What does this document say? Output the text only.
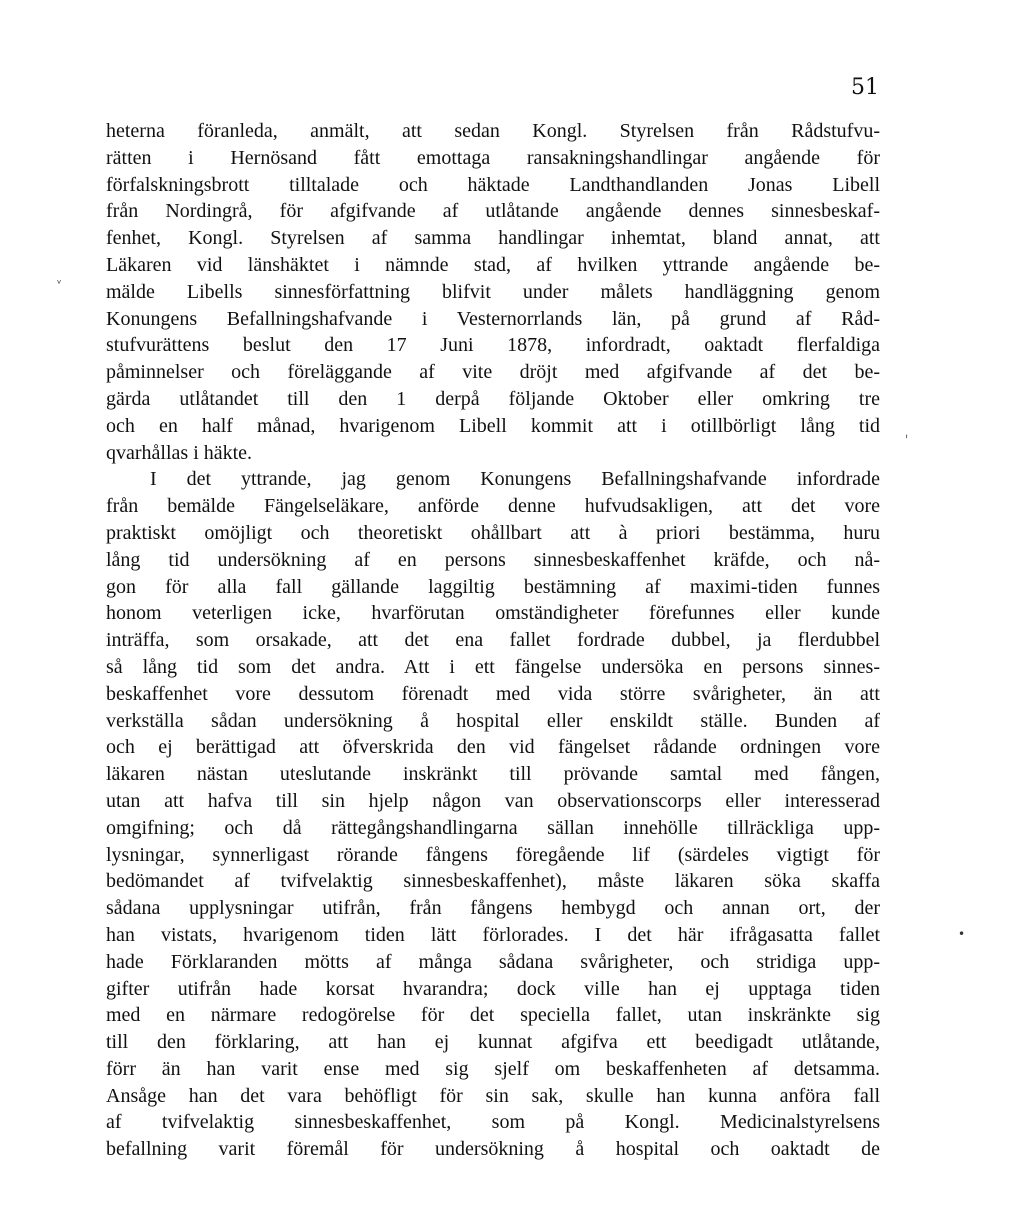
51
ᵛ
ˈ
•
heterna föranleda, anmält, att sedan Kongl. Styrelsen från Rådstufvu-
rätten i Hernösand fått emottaga ransakningshandlingar angående för
förfalskningsbrott tilltalade och häktade Landthandlanden Jonas Libell
från Nordingrå, för afgifvande af utlåtande angående dennes sinnesbeskaf-
fenhet, Kongl. Styrelsen af samma handlingar inhemtat, bland annat, att
Läkaren vid länshäktet i nämnde stad, af hvilken yttrande angående be-
mälde Libells sinnesförfattning blifvit under målets handläggning genom
Konungens Befallningshafvande i Vesternorrlands län, på grund af Råd-
stufvurättens beslut den 17 Juni 1878, infordradt, oaktadt flerfaldiga
påminnelser och föreläggande af vite dröjt med afgifvande af det be-
gärda utlåtandet till den 1 derpå följande Oktober eller omkring tre
och en half månad, hvarigenom Libell kommit att i otillbörligt lång tid
qvarhållas i häkte.
I det yttrande, jag genom Konungens Befallningshafvande infordrade
från bemälde Fängelseläkare, anförde denne hufvudsakligen, att det vore
praktiskt omöjligt och theoretiskt ohållbart att à priori bestämma, huru
lång tid undersökning af en persons sinnesbeskaffenhet kräfde, och nå-
gon för alla fall gällande laggiltig bestämning af maximi-tiden funnes
honom veterligen icke, hvarförutan omständigheter förefunnes eller kunde
inträffa, som orsakade, att det ena fallet fordrade dubbel, ja flerdubbel
så lång tid som det andra. Att i ett fängelse undersöka en persons sinnes-
beskaffenhet vore dessutom förenadt med vida större svårigheter, än att
verkställa sådan undersökning å hospital eller enskildt ställe. Bunden af
och ej berättigad att öfverskrida den vid fängelset rådande ordningen vore
läkaren nästan uteslutande inskränkt till prövande samtal med fången,
utan att hafva till sin hjelp någon van observationscorps eller interesserad
omgifning; och då rättegångshandlingarna sällan innehölle tillräckliga upp-
lysningar, synnerligast rörande fångens föregående lif (särdeles vigtigt för
bedömandet af tvifvelaktig sinnesbeskaffenhet), måste läkaren söka skaffa
sådana upplysningar utifrån, från fångens hembygd och annan ort, der
han vistats, hvarigenom tiden lätt förlorades. I det här ifrågasatta fallet
hade Förklaranden mötts af många sådana svårigheter, och stridiga upp-
gifter utifrån hade korsat hvarandra; dock ville han ej upptaga tiden
med en närmare redogörelse för det speciella fallet, utan inskränkte sig
till den förklaring, att han ej kunnat afgifva ett beedigadt utlåtande,
förr än han varit ense med sig sjelf om beskaffenheten af detsamma.
Ansåge han det vara behöfligt för sin sak, skulle han kunna anföra fall
af tvifvelaktig sinnesbeskaffenhet, som på Kongl. Medicinalstyrelsens
befallning varit föremål för undersökning å hospital och oaktadt de
